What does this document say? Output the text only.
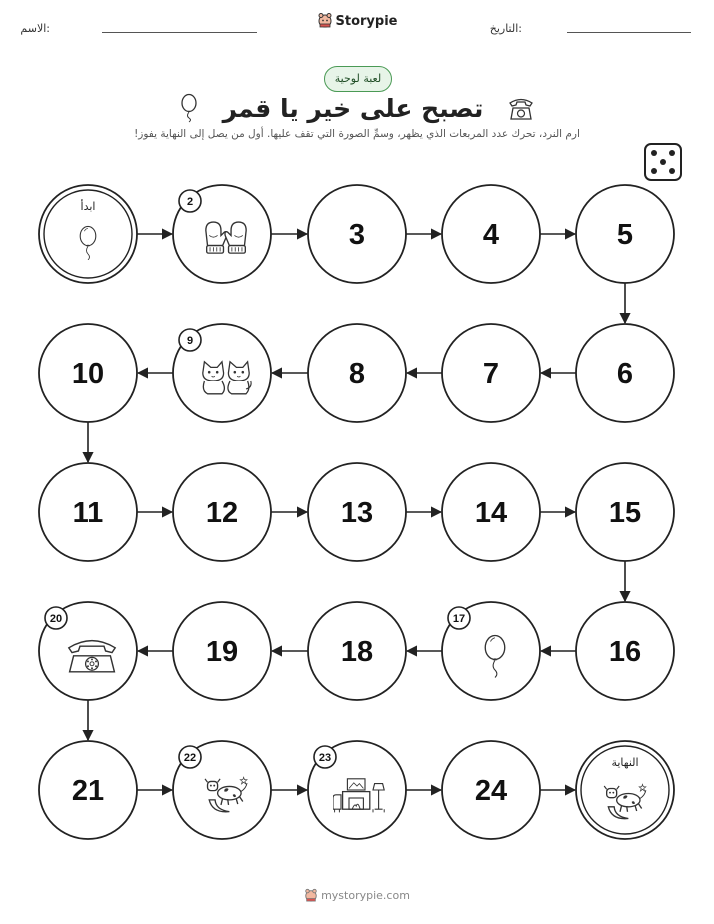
الاسم:	Storypie	التاريخ:
لعبة لوحية
تصبح على خير يا قمر
ارم النرد، تحرك عدد المربعات الذي يظهر، وسمِّ الصورة التي تقف عليها. أول من يصل إلى النهاية يفوز!
ابدأ	2
3	4	5
6
7
8
9
10
11	12	13	14	15
16
17
18
19
20
21
22	23
24
النهاية
mystorypie.com
